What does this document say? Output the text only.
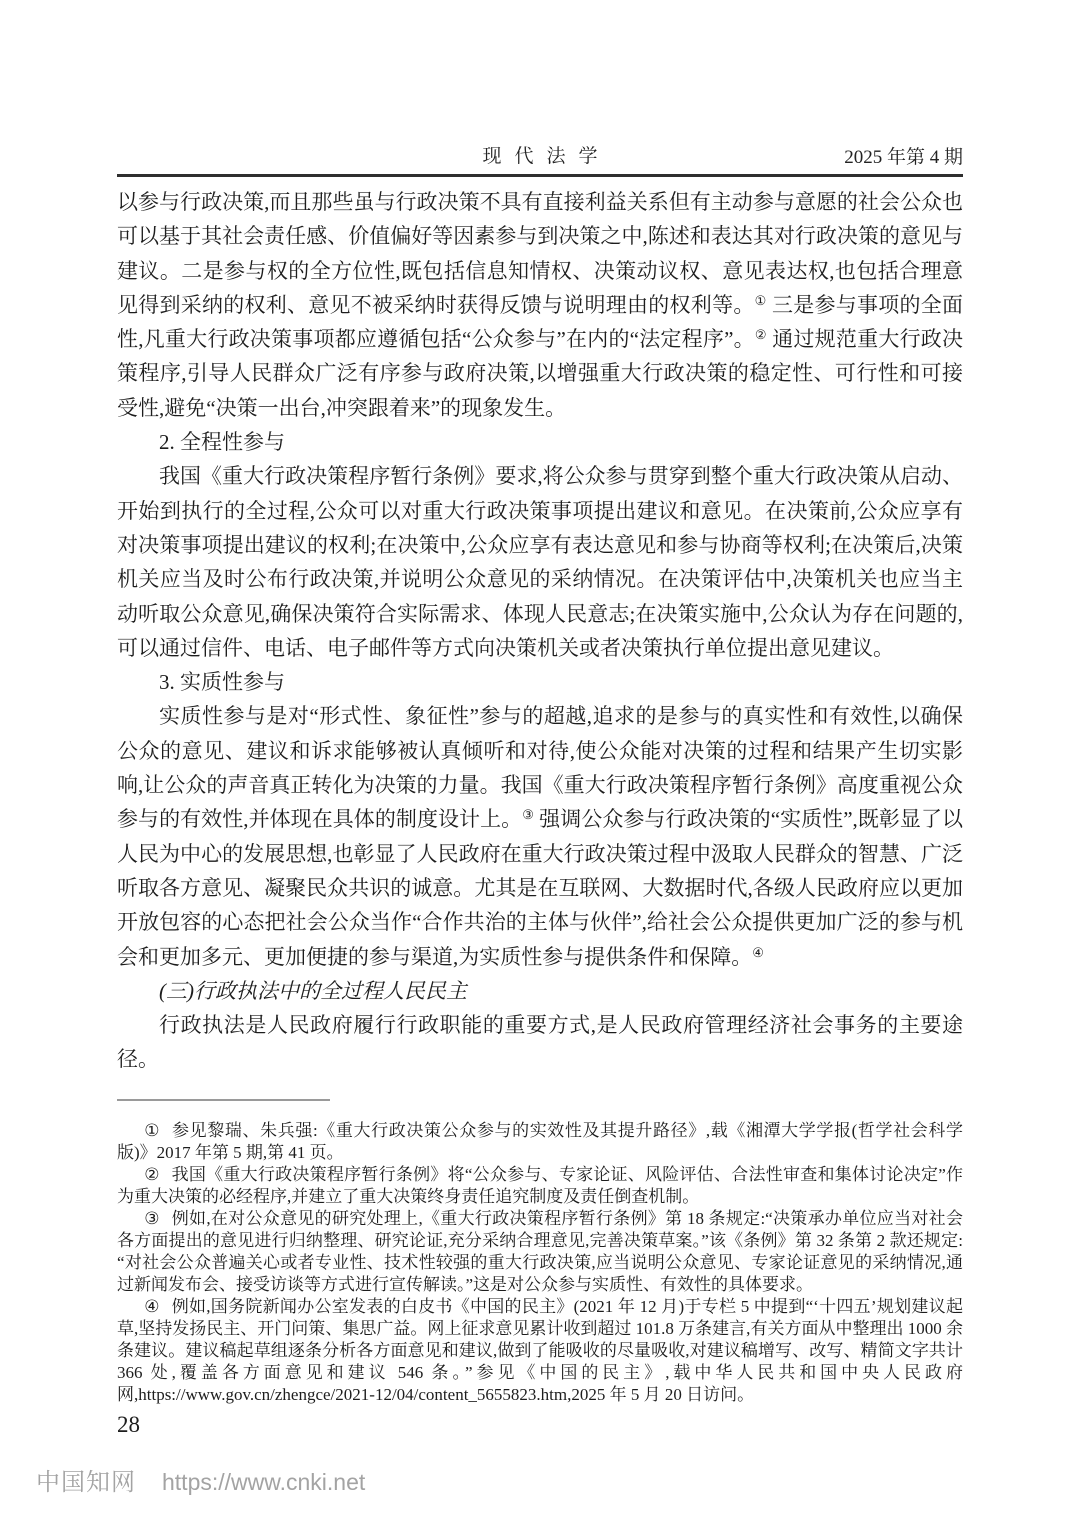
现代法学	2025 年第 4 期

以参与行政决策,而且那些虽与行政决策不具有直接利益关系但有主动参与意愿的社会公众也可以基于其社会责任感、价值偏好等因素参与到决策之中,陈述和表达其对行政决策的意见与建议。二是参与权的全方位性,既包括信息知情权、决策动议权、意见表达权,也包括合理意见得到采纳的权利、意见不被采纳时获得反馈与说明理由的权利等。① 三是参与事项的全面性,凡重大行政决策事项都应遵循包括“公众参与”在内的“法定程序”。② 通过规范重大行政决策程序,引导人民群众广泛有序参与政府决策,以增强重大行政决策的稳定性、可行性和可接受性,避免“决策一出台,冲突跟着来”的现象发生。

2. 全程性参与

我国《重大行政决策程序暂行条例》要求,将公众参与贯穿到整个重大行政决策从启动、开始到执行的全过程,公众可以对重大行政决策事项提出建议和意见。在决策前,公众应享有对决策事项提出建议的权利;在决策中,公众应享有表达意见和参与协商等权利;在决策后,决策机关应当及时公布行政决策,并说明公众意见的采纳情况。在决策评估中,决策机关也应当主动听取公众意见,确保决策符合实际需求、体现人民意志;在决策实施中,公众认为存在问题的,可以通过信件、电话、电子邮件等方式向决策机关或者决策执行单位提出意见建议。

3. 实质性参与

实质性参与是对“形式性、象征性”参与的超越,追求的是参与的真实性和有效性,以确保公众的意见、建议和诉求能够被认真倾听和对待,使公众能对决策的过程和结果产生切实影响,让公众的声音真正转化为决策的力量。我国《重大行政决策程序暂行条例》高度重视公众参与的有效性,并体现在具体的制度设计上。③ 强调公众参与行政决策的“实质性”,既彰显了以人民为中心的发展思想,也彰显了人民政府在重大行政决策过程中汲取人民群众的智慧、广泛听取各方意见、凝聚民众共识的诚意。尤其是在互联网、大数据时代,各级人民政府应以更加开放包容的心态把社会公众当作“合作共治的主体与伙伴”,给社会公众提供更加广泛的参与机会和更加多元、更加便捷的参与渠道,为实质性参与提供条件和保障。④

(三)行政执法中的全过程人民民主

行政执法是人民政府履行行政职能的重要方式,是人民政府管理经济社会事务的主要途径。

① 参见黎瑞、朱兵强:《重大行政决策公众参与的实效性及其提升路径》,载《湘潭大学学报(哲学社会科学版)》2017 年第 5 期,第 41 页。

② 我国《重大行政决策程序暂行条例》将“公众参与、专家论证、风险评估、合法性审查和集体讨论决定”作为重大决策的必经程序,并建立了重大决策终身责任追究制度及责任倒查机制。

③ 例如,在对公众意见的研究处理上,《重大行政决策程序暂行条例》第 18 条规定:“决策承办单位应当对社会各方面提出的意见进行归纳整理、研究论证,充分采纳合理意见,完善决策草案。”该《条例》第 32 条第 2 款还规定:“对社会公众普遍关心或者专业性、技术性较强的重大行政决策,应当说明公众意见、专家论证意见的采纳情况,通过新闻发布会、接受访谈等方式进行宣传解读。”这是对公众参与实质性、有效性的具体要求。

④ 例如,国务院新闻办公室发表的白皮书《中国的民主》(2021 年 12 月)于专栏 5 中提到“‘十四五’规划建议起草,坚持发扬民主、开门问策、集思广益。网上征求意见累计收到超过 101.8 万条建言,有关方面从中整理出 1000 余条建议。建议稿起草组逐条分析各方面意见和建议,做到了能吸收的尽量吸收,对建议稿增写、改写、精简文字共计 366 处,覆盖各方面意见和建议 546 条。”参见《中国的民主》,载中华人民共和国中央人民政府网,https://www.gov.cn/zhengce/2021-12/04/content_5655823.htm,2025 年 5 月 20 日访问。

28
中国知网 https://www.cnki.net
